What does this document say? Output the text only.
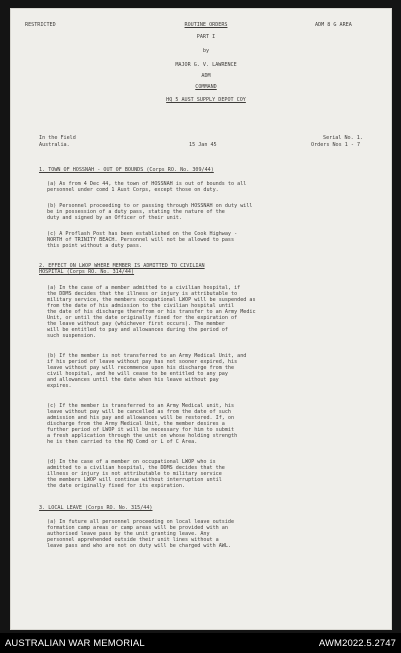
RESTRICTED	ROUTINE ORDERS	ADM 8 G AREA
PART I
by
MAJOR G. V. LAWRENCE
ADM
COMMAND
HQ 5 AUST SUPPLY DEPOT COY
In the Field
Australia.	15 Jan 45
Serial No. 1.
Orders Nos 1 - 7
1. TOWN OF HOSSNAH - OUT OF BOUNDS (Corps RO. No. 309/44)
(a) As from 4 Dec 44, the town of HOSSNAH is out of bounds to all
personnel under comd 1 Aust Corps, except those on duty.
(b) Personnel proceeding to or passing through HOSSNAH on duty will
be in possession of a duty pass, stating the nature of the
duty and signed by an Officer of their unit.
(c) A Proflash Post has been established on the Cook Highway -
NORTH of TRINITY BEACH. Personnel will not be allowed to pass
this point without a duty pass.
2. EFFECT ON LWOP WHERE MEMBER IS ADMITTED TO CIVILIAN
HOSPITAL (Corps RO. No. 314/44)
(a) In the case of a member admitted to a civilian hospital, if
the DDMS decides that the illness or injury is attributable to
military service, the members occupational LWOP will be suspended as
from the date of his admission to the civilian hospital until
the date of his discharge therefrom or his transfer to an Army Medic
Unit, or until the date originally fixed for the expiration of
the leave without pay (whichever first occurs). The member
will be entitled to pay and allowances during the period of
such suspension.
(b) If the member is not transferred to an Army Medical Unit, and
if his period of leave without pay has not sooner expired, his
leave without pay will recommence upon his discharge from the
civil hospital, and he will cease to be entitled to any pay
and allowances until the date when his leave without pay
expires.
(c) If the member is transferred to an Army Medical unit, his
leave without pay will be cancelled as from the date of such
admission and his pay and allowances will be restored. If, on
discharge from the Army Medical Unit, the member desires a
further period of LWOP it will be necessary for him to submit
a fresh application through the unit on whose holding strength
he is then carried to the HQ Comd or L of C Area.
(d) In the case of a member on occupational LWOP who is
admitted to a civilian hospital, the DDMS decides that the
illness or injury is not attributable to military service
the members LWOP will continue without interruption until
the date originally fixed for its expiration.
3. LOCAL LEAVE (Corps RO. No. 315/44)
(a) In future all personnel proceeding on local leave outside
formation camp areas or camp areas will be provided with an
authorised leave pass by the unit granting leave. Any
personnel apprehended outside their unit lines without a
leave pass and who are not on duty will be charged with AWL.
AUSTRALIAN WAR MEMORIAL	AWM2022.5.2747
